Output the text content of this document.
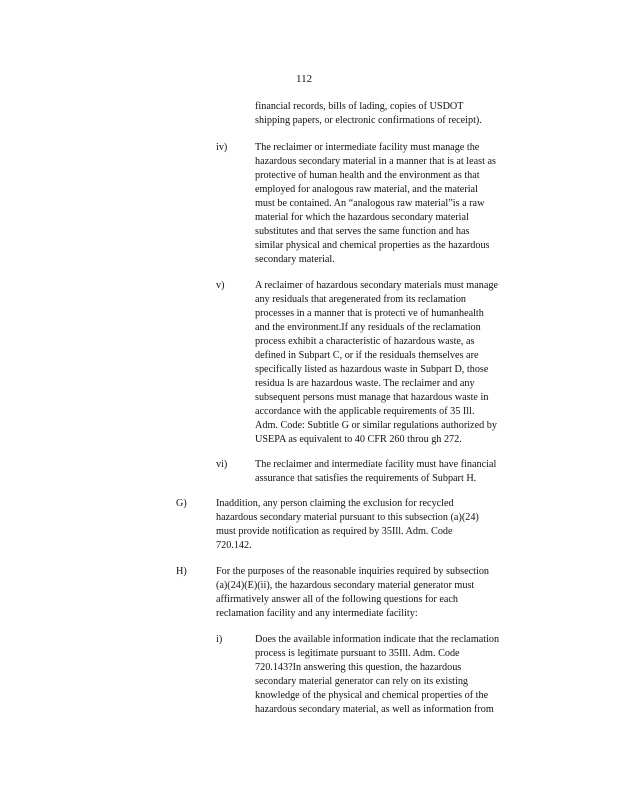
112
financial records, bills of lading, copies of USDOT
shipping papers, or electronic confirmations of receipt).
iv)	The reclaimer or intermediate facility must manage the
hazardous secondary material in a manner that is at least as
protective of human health and the environment as that
employed for analogous raw material, and the material
must be contained. An “analogous raw material”is a raw
material for which the hazardous secondary material
substitutes and that serves the same function and has
similar physical and chemical properties as the hazardous
secondary material.
v)	A reclaimer of hazardous secondary materials must manage
any residuals that aregenerated from its reclamation
processes in a manner that is protecti ve of humanhealth
and the environment.If any residuals of the reclamation
process exhibit a characteristic of hazardous waste, as
defined in Subpart C, or if the residuals themselves are
specifically listed as hazardous waste in Subpart D, those
residua ls are hazardous waste. The reclaimer and any
subsequent persons must manage that hazardous waste in
accordance with the applicable requirements of 35 Ill.
Adm. Code: Subtitle G or similar regulations authorized by
USEPA as equivalent to 40 CFR 260 throu gh 272.
vi)	The reclaimer and intermediate facility must have financial
assurance that satisfies the requirements of Subpart H.
G)	Inaddition, any person claiming the exclusion for recycled
hazardous secondary material pursuant to this subsection (a)(24)
must provide notification as required by 35Ill. Adm. Code
720.142.
H)	For the purposes of the reasonable inquiries required by subsection
(a)(24)(E)(ii), the hazardous secondary material generator must
affirmatively answer all of the following questions for each
reclamation facility and any intermediate facility:
i)	Does the available information indicate that the reclamation
process is legitimate pursuant to 35Ill. Adm. Code
720.143?In answering this question, the hazardous
secondary material generator can rely on its existing
knowledge of the physical and chemical properties of the
hazardous secondary material, as well as information from
